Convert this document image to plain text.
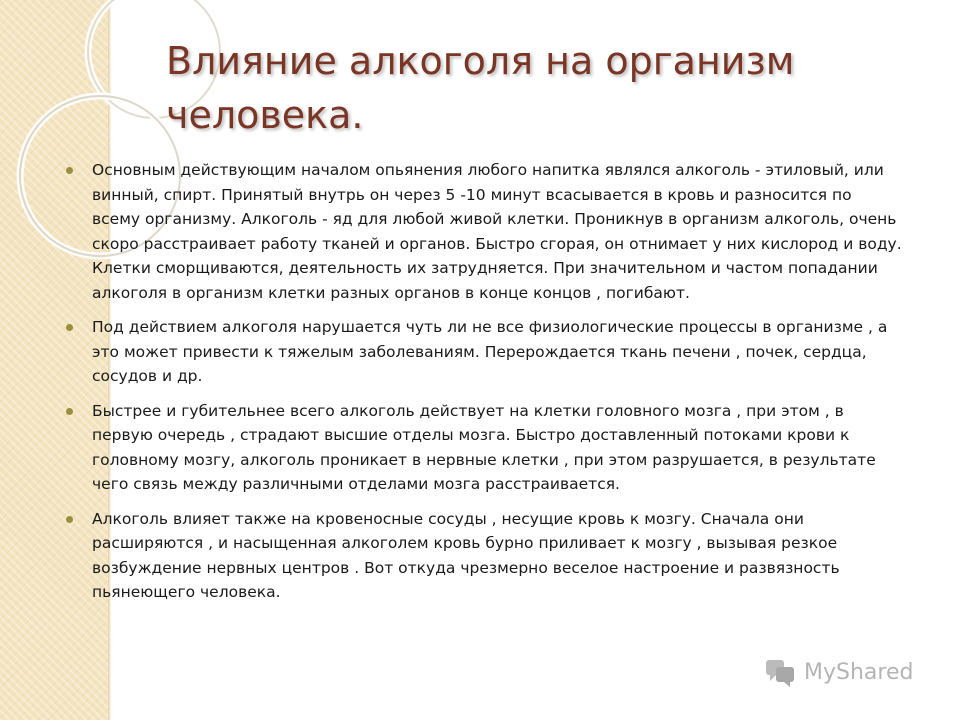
Влияние алкоголя на организм человека.
Основным действующим началом опьянения любого напитка являлся алкоголь - этиловый, или винный, спирт. Принятый внутрь он через 5 -10 минут всасывается в кровь и разносится по всему организму. Алкоголь - яд для любой живой клетки. Проникнув в организм алкоголь, очень скоро расстраивает работу тканей и органов. Быстро сгорая, он отнимает у них кислород и воду. Клетки сморщиваются, деятельность их затрудняется. При значительном и частом попадании алкоголя в организм клетки разных органов в конце концов , погибают.
Под действием алкоголя нарушается чуть ли не все физиологические процессы в организме , а это может привести к тяжелым заболеваниям. Перерождается ткань печени , почек, сердца, сосудов и др.
Быстрее и губительнее всего алкоголь действует на клетки головного мозга , при этом , в первую очередь , страдают высшие отделы мозга. Быстро доставленный потоками крови к головному мозгу, алкоголь проникает в нервные клетки , при этом разрушается, в результате чего связь между различными отделами мозга расстраивается.
Алкоголь влияет также на кровеносные сосуды , несущие кровь к мозгу. Сначала они расширяются , и насыщенная алкоголем кровь бурно приливает к мозгу , вызывая резкое возбуждение нервных центров . Вот откуда чрезмерно веселое настроение и развязность пьянеющего человека.
MyShared
